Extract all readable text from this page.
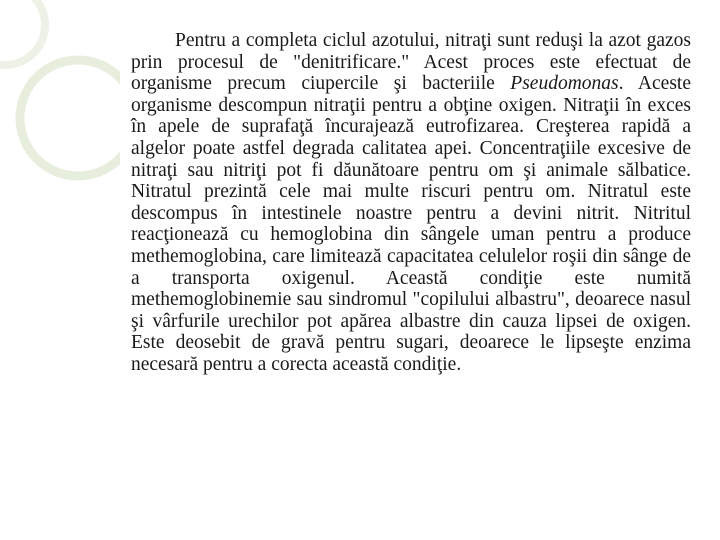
Pentru a completa ciclul azotului, nitraţi sunt reduşi la azot gazos prin procesul de "denitrificare." Acest proces este efectuat de organisme precum ciupercile şi bacteriile Pseudomonas. Aceste organisme descompun nitraţii pentru a obţine oxigen. Nitraţii în exces în apele de suprafaţă încurajează eutrofizarea. Creşterea rapidă a algelor poate astfel degrada calitatea apei. Concentraţiile excesive de nitraţi sau nitriţi pot fi dăunătoare pentru om şi animale sălbatice. Nitratul prezintă cele mai multe riscuri pentru om. Nitratul este descompus în intestinele noastre pentru a devini nitrit. Nitritul reacţionează cu hemoglobina din sângele uman pentru a produce methemoglobina, care limitează capacitatea celulelor roşii din sânge de a transporta oxigenul. Această condiţie este numită methemoglobinemie sau sindromul "copilului albastru", deoarece nasul şi vârfurile urechilor pot apărea albastre din cauza lipsei de oxigen. Este deosebit de gravă pentru sugari, deoarece le lipseşte enzima necesară pentru a corecta această condiţie.
